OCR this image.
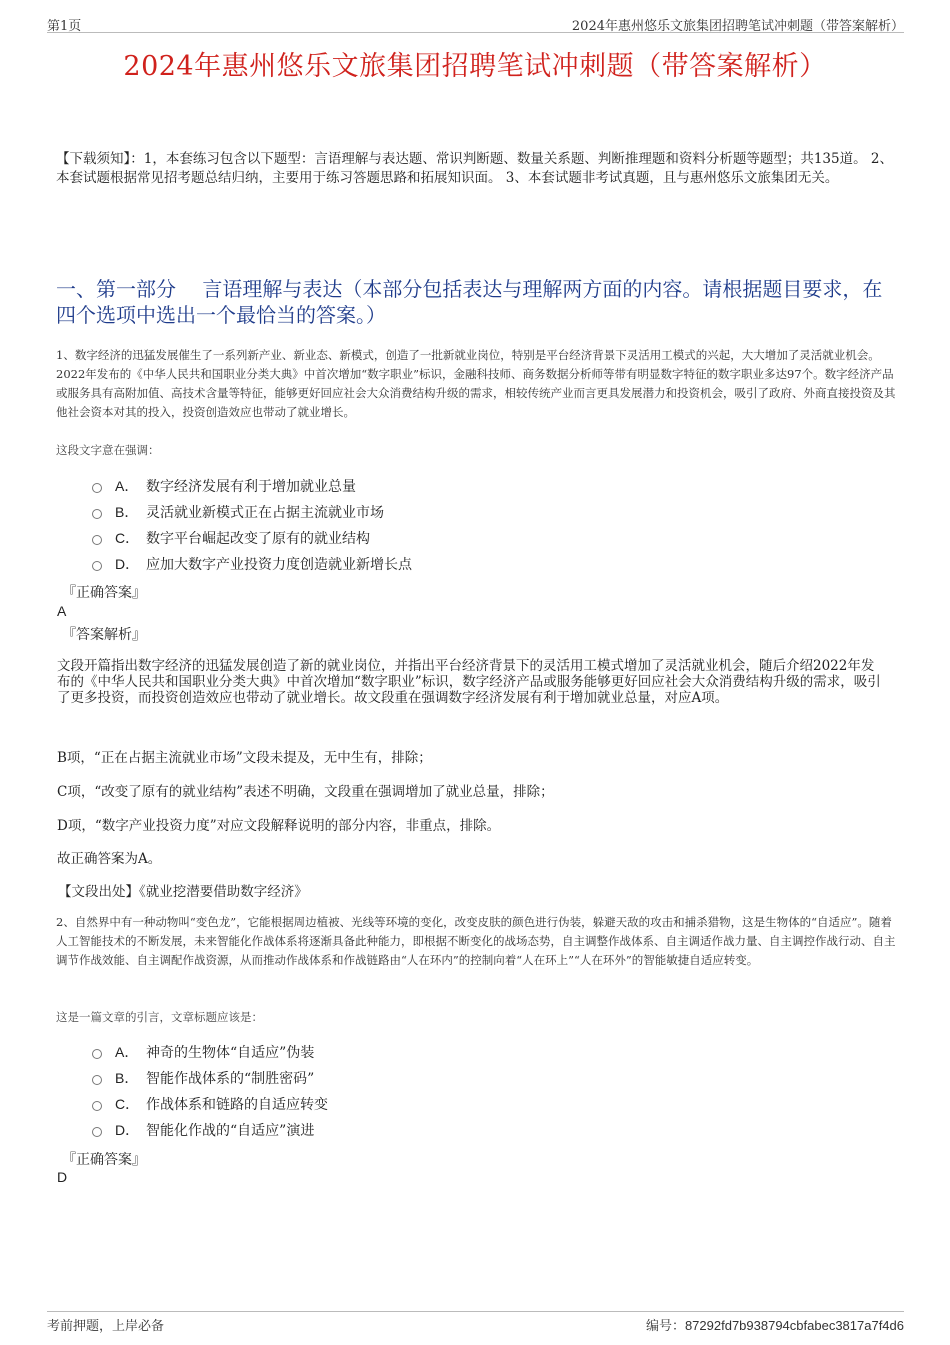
第1页	2024年惠州悠乐文旅集团招聘笔试冲刺题（带答案解析）
2024年惠州悠乐文旅集团招聘笔试冲刺题（带答案解析）
【下载须知】：1，本套练习包含以下题型：言语理解与表达题、常识判断题、数量关系题、判断推理题和资料分析题等题型；共135道。 2、本套试题根据常见招考题总结归纳，主要用于练习答题思路和拓展知识面。 3、本套试题非考试真题，且与惠州悠乐文旅集团无关。
一、第一部分　 言语理解与表达（本部分包括表达与理解两方面的内容。请根据题目要求，在四个选项中选出一个最恰当的答案。）
1、数字经济的迅猛发展催生了一系列新产业、新业态、新模式，创造了一批新就业岗位，特别是平台经济背景下灵活用工模式的兴起，大大增加了灵活就业机会。2022年发布的《中华人民共和国职业分类大典》中首次增加“数字职业”标识，金融科技师、商务数据分析师等带有明显数字特征的数字职业多达97个。数字经济产品或服务具有高附加值、高技术含量等特征，能够更好回应社会大众消费结构升级的需求，相较传统产业而言更具发展潜力和投资机会，吸引了政府、外商直接投资及其他社会资本对其的投入，投资创造效应也带动了就业增长。
这段文字意在强调：
A． 数字经济发展有利于增加就业总量
B． 灵活就业新模式正在占据主流就业市场
C． 数字平台崛起改变了原有的就业结构
D． 应加大数字产业投资力度创造就业新增长点
『正确答案』
A
『答案解析』
文段开篇指出数字经济的迅猛发展创造了新的就业岗位，并指出平台经济背景下的灵活用工模式增加了灵活就业机会，随后介绍2022年发布的《中华人民共和国职业分类大典》中首次增加“数字职业”标识，数字经济产品或服务能够更好回应社会大众消费结构升级的需求，吸引了更多投资，而投资创造效应也带动了就业增长。故文段重在强调数字经济发展有利于增加就业总量，对应A项。
B项，“正在占据主流就业市场”文段未提及，无中生有，排除；
C项，“改变了原有的就业结构”表述不明确，文段重在强调增加了就业总量，排除；
D项，“数字产业投资力度”对应文段解释说明的部分内容，非重点，排除。
故正确答案为A。
【文段出处】《就业挖潜要借助数字经济》
2、自然界中有一种动物叫“变色龙”，它能根据周边植被、光线等环境的变化，改变皮肤的颜色进行伪装，躲避天敌的攻击和捕杀猎物，这是生物体的“自适应”。随着人工智能技术的不断发展，未来智能化作战体系将逐渐具备此种能力，即根据不断变化的战场态势，自主调整作战体系、自主调适作战力量、自主调控作战行动、自主调节作战效能、自主调配作战资源，从而推动作战体系和作战链路由“人在环内”的控制向着“人在环上”“人在环外”的智能敏捷自适应转变。
这是一篇文章的引言，文章标题应该是：
A． 神奇的生物体“自适应”伪装
B． 智能作战体系的“制胜密码”
C． 作战体系和链路的自适应转变
D． 智能化作战的“自适应”演进
『正确答案』
D
考前押题，上岸必备	编号：87292fd7b938794cbfabec3817a7f4d6
